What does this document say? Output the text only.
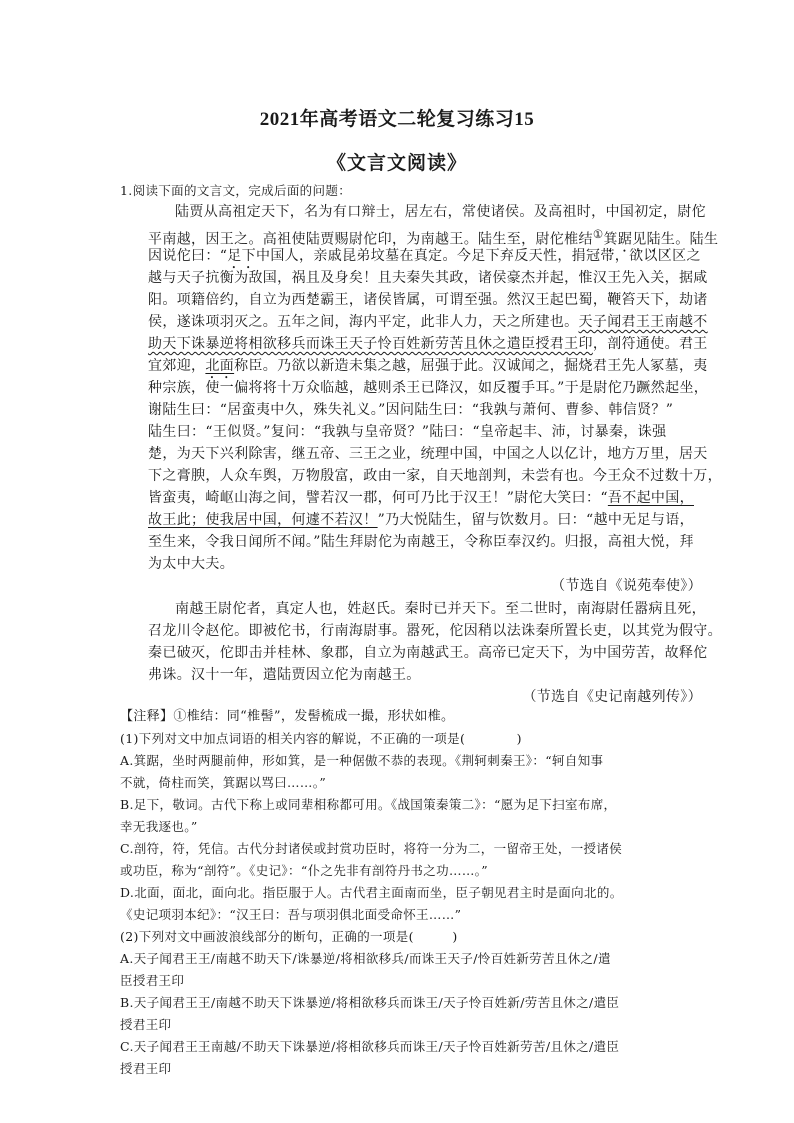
2021年高考语文二轮复习练习15
《文言文阅读》
1.阅读下面的文言文，完成后面的问题：
陆贾从高祖定天下，名为有口辩士，居左右，常使诸侯。及高祖时，中国初定，尉佗
平南越，因王之。高祖使陆贾赐尉佗印，为南越王。陆生至，尉佗椎结①箕踞见陆生。陆生
因说佗曰：“足下中国人，亲戚昆弟坟墓在真定。今足下弃反天性，捐冠带，欲以区区之
越与天子抗衡为敌国，祸且及身矣！且夫秦失其政，诸侯豪杰并起，惟汉王先入关，据咸
阳。项籍倍约，自立为西楚霸王，诸侯皆属，可谓至强。然汉王起巴蜀，鞭笞天下，劫诸
侯，遂诛项羽灭之。五年之间，海内平定，此非人力，天之所建也。天子闻君王王南越不
助天下诛暴逆将相欲移兵而诛王天子怜百姓新劳苦且休之遣臣授君王印，剖符通使。君王
宜郊迎，北面称臣。乃欲以新造未集之越，屈强于此。汉诚闻之，掘烧君王先人冢墓，夷
种宗族，使一偏将将十万众临越，越则杀王已降汉，如反覆手耳。”于是尉佗乃蹶然起坐，
谢陆生曰：“居蛮夷中久，殊失礼义。”因问陆生曰：“我孰与萧何、曹参、韩信贤？”
陆生曰：“王似贤。”复问：“我孰与皇帝贤？”陆曰：“皇帝起丰、沛，讨暴秦，诛强
楚，为天下兴利除害，继五帝、三王之业，统理中国，中国之人以亿计，地方万里，居天
下之膏腴，人众车舆，万物殷富，政由一家，自天地剖判，未尝有也。今王众不过数十万，
皆蛮夷，崎岖山海之间，譬若汉一郡，何可乃比于汉王！”尉佗大笑曰：“吾不起中国，
故王此；使我居中国，何遽不若汉！”乃大悦陆生，留与饮数月。曰：“越中无足与语，
至生来，令我日闻所不闻。”陆生拜尉佗为南越王，令称臣奉汉约。归报，高祖大悦，拜
为太中大夫。
（节选自《说苑奉使》）
南越王尉佗者，真定人也，姓赵氏。秦时已并天下。至二世时，南海尉任嚣病且死，
召龙川令赵佗。即被佗书，行南海尉事。嚣死，佗因稍以法诛秦所置长吏，以其党为假守。
秦已破灭，佗即击并桂林、象郡，自立为南越武王。高帝已定天下，为中国劳苦，故释佗
弗诛。汉十一年，遣陆贾因立佗为南越王。
（节选自《史记南越列传》）
【注释】①椎结：同“椎髻”，发髻梳成一撮，形状如椎。
(1)下列对文中加点词语的相关内容的解说，不正确的一项是(　　　　)
A.箕踞，坐时两腿前伸，形如箕，是一种倨傲不恭的表现。《荆轲刺秦王》：“轲自知事
不就，倚柱而笑，箕踞以骂曰……。”
B.足下，敬词。古代下称上或同辈相称都可用。《战国策秦策二》：“愿为足下扫室布席，
幸无我逐也。”
C.剖符，符，凭信。古代分封诸侯或封赏功臣时，将符一分为二，一留帝王处，一授诸侯
或功臣，称为“剖符”。《史记》：“仆之先非有剖符丹书之功……。”
D.北面，面北，面向北。指臣服于人。古代君主面南而坐，臣子朝见君主时是面向北的。
《史记项羽本纪》：“汉王曰：吾与项羽俱北面受命怀王……”
(2)下列对文中画波浪线部分的断句，正确的一项是(　　　)
A.天子闻君王王/南越不助天下/诛暴逆/将相欲移兵/而诛王天子/怜百姓新劳苦且休之/遣
臣授君王印
B.天子闻君王王/南越不助天下诛暴逆/将相欲移兵而诛王/天子怜百姓新/劳苦且休之/遣臣
授君王印
C.天子闻君王王南越/不助天下诛暴逆/将相欲移兵而诛王/天子怜百姓新劳苦/且休之/遣臣
授君王印
